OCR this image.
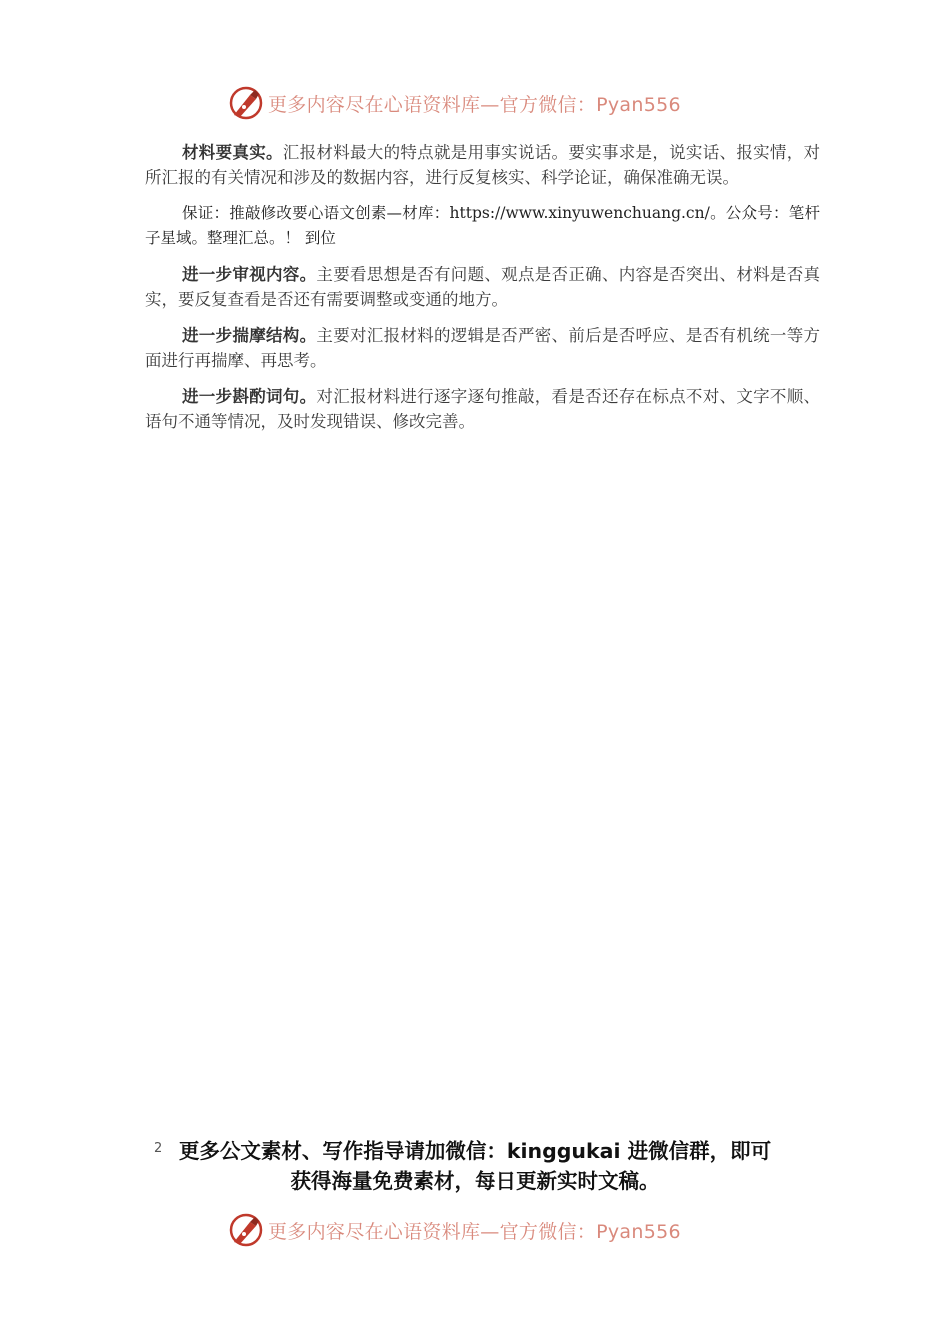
更多内容尽在心语资料库—官方微信：Pyan556

材料要真实。汇报材料最大的特点就是用事实说话。要实事求是，说实话、报实情，对所汇报的有关情况和涉及的数据内容，进行反复核实、科学论证，确保准确无误。

保证：推敲修改要心语文创素—材库：https://www.xinyuwenchuang.cn/。公众号：笔杆子星域。整理汇总。！ 到位

进一步审视内容。主要看思想是否有问题、观点是否正确、内容是否突出、材料是否真实，要反复查看是否还有需要调整或变通的地方。

进一步揣摩结构。主要对汇报材料的逻辑是否严密、前后是否呼应、是否有机统一等方面进行再揣摩、再思考。

进一步斟酌词句。对汇报材料进行逐字逐句推敲，看是否还存在标点不对、文字不顺、语句不通等情况，及时发现错误、修改完善。

2 更多公文素材、写作指导请加微信：kinggukai 进微信群，即可
获得海量免费素材，每日更新实时文稿。
更多内容尽在心语资料库—官方微信：Pyan556
